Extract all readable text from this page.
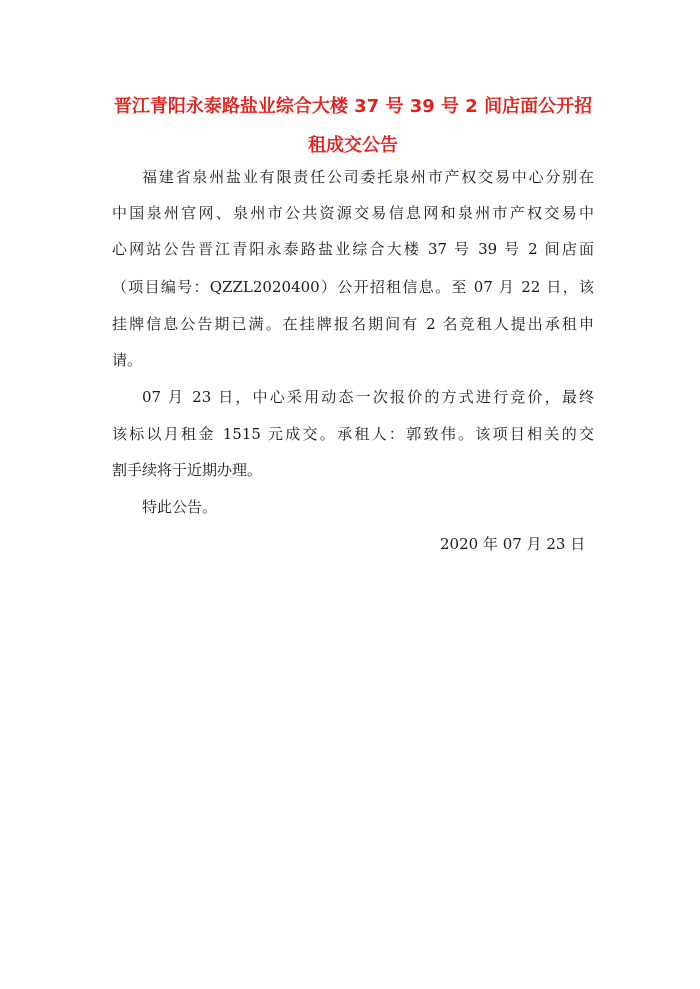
晋江青阳永泰路盐业综合大楼 37 号 39 号 2 间店面公开招
租成交公告
福建省泉州盐业有限责任公司委托泉州市产权交易中心分别在
中国泉州官网、泉州市公共资源交易信息网和泉州市产权交易中
心网站公告晋江青阳永泰路盐业综合大楼 37 号 39 号 2 间店面
（项目编号：QZZL2020400）公开招租信息。至 07 月 22 日，该
挂牌信息公告期已满。在挂牌报名期间有 2 名竞租人提出承租申
请。
07 月 23 日，中心采用动态一次报价的方式进行竞价，最终
该标以月租金 1515 元成交。承租人：郭致伟。该项目相关的交
割手续将于近期办理。
特此公告。
2020 年 07 月 23 日
